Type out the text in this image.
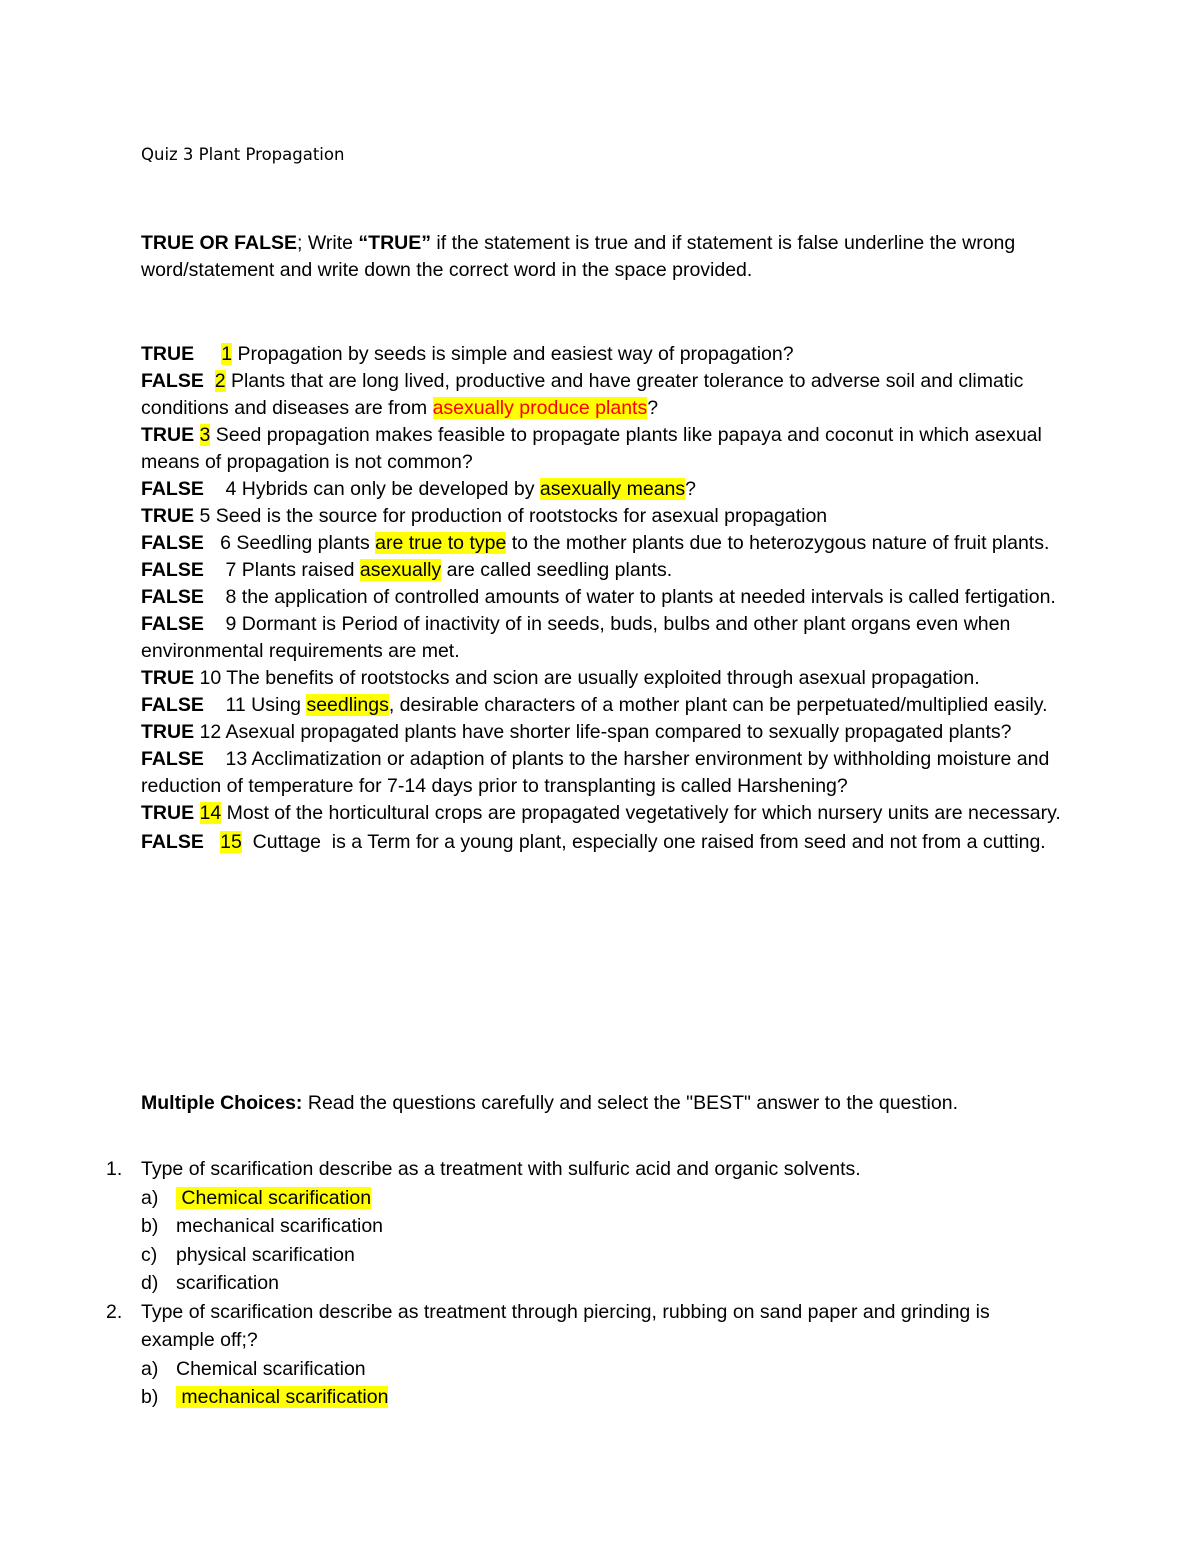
Quiz 3 Plant Propagation
TRUE OR FALSE; Write “TRUE” if the statement is true and if statement is false underline the wrong word/statement and write down the correct word in the space provided.

TRUE 1 Propagation by seeds is simple and easiest way of propagation?

FALSE 2 Plants that are long lived, productive and have greater tolerance to adverse soil and climatic conditions and diseases are from asexually produce plants?

TRUE 3 Seed propagation makes feasible to propagate plants like papaya and coconut in which asexual means of propagation is not common?

FALSE 4 Hybrids can only be developed by asexually means?

TRUE 5 Seed is the source for production of rootstocks for asexual propagation

FALSE 6 Seedling plants are true to type to the mother plants due to heterozygous nature of fruit plants.

FALSE 7 Plants raised asexually are called seedling plants.

FALSE 8 the application of controlled amounts of water to plants at needed intervals is called fertigation.

FALSE 9 Dormant is Period of inactivity of in seeds, buds, bulbs and other plant organs even when environmental requirements are met.

TRUE 10 The benefits of rootstocks and scion are usually exploited through asexual propagation.

FALSE 11 Using seedlings, desirable characters of a mother plant can be perpetuated/multiplied easily.

TRUE 12 Asexual propagated plants have shorter life-span compared to sexually propagated plants?

FALSE 13 Acclimatization or adaption of plants to the harsher environment by withholding moisture and reduction of temperature for 7-14 days prior to transplanting is called Harshening?

TRUE 14 Most of the horticultural crops are propagated vegetatively for which nursery units are necessary.

FALSE 15  Cuttage  is a Term for a young plant, especially one raised from seed and not from a cutting.

Multiple Choices: Read the questions carefully and select the "BEST" answer to the question.
1. Type of scarification describe as a treatment with sulfuric acid and organic solvents.
a) Chemical scarification
b) mechanical scarification
c) physical scarification
d) scarification
2. Type of scarification describe as treatment through piercing, rubbing on sand paper and grinding is example off;?
a) Chemical scarification
b) mechanical scarification
